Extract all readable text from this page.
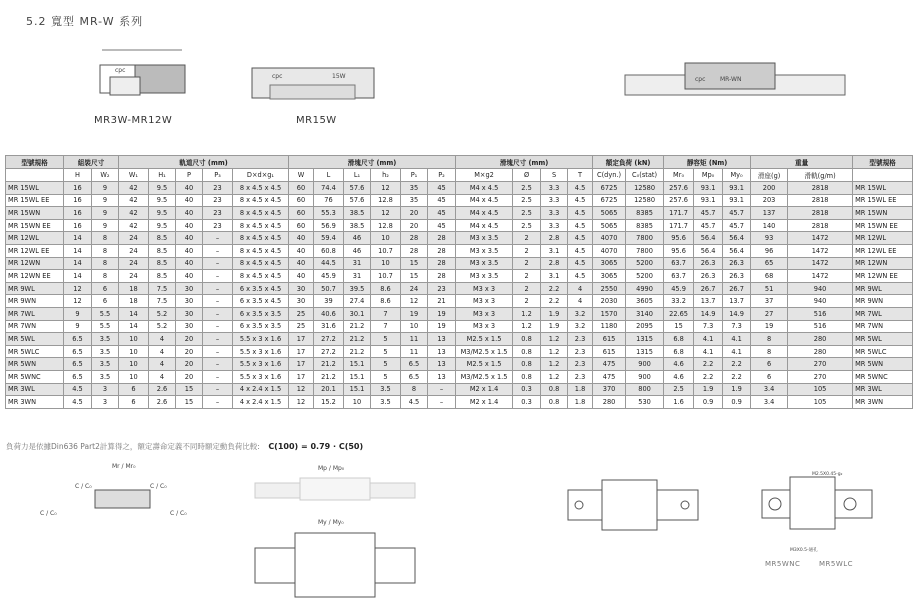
5.2 寬型 MR-W 系列
cpc
MR3W-MR12W
cpc	15W
MR15W
cpc MR-WN
型號規格	組裝尺寸		軌道尺寸 (mm)					滑塊尺寸 (mm)						滑塊尺寸 (mm)				額定負荷 (kN)		靜容矩 (Nm)			重量		型號規格
	H	W₂	W₁	H₁	P	P₃	D×d×g₁	W	L	L₁	h₂	P₁	P₂	M×g2	Ø	S	T	C(dyn.)	C₀(stat)	Mr₀	Mp₀	My₀	滑座(g)	滑軌(g/m)	
MR 15WL	16	9	42	9.5	40	23	8 x 4.5 x 4.5	60	74.4	57.6	12	35	45	M4 x 4.5	2.5	3.3	4.5	6725	12580	257.6	93.1	93.1	200	2818	MR 15WL
MR 15WL EE	16	9	42	9.5	40	23	8 x 4.5 x 4.5	60	76	57.6	12.8	35	45	M4 x 4.5	2.5	3.3	4.5	6725	12580	257.6	93.1	93.1	203	2818	MR 15WL EE
MR 15WN	16	9	42	9.5	40	23	8 x 4.5 x 4.5	60	55.3	38.5	12	20	45	M4 x 4.5	2.5	3.3	4.5	5065	8385	171.7	45.7	45.7	137	2818	MR 15WN
MR 15WN EE	16	9	42	9.5	40	23	8 x 4.5 x 4.5	60	56.9	38.5	12.8	20	45	M4 x 4.5	2.5	3.3	4.5	5065	8385	171.7	45.7	45.7	140	2818	MR 15WN EE
MR 12WL	14	8	24	8.5	40	–	8 x 4.5 x 4.5	40	59.4	46	10	28	28	M3 x 3.5	2	2.8	4.5	4070	7800	95.6	56.4	56.4	93	1472	MR 12WL
MR 12WL EE	14	8	24	8.5	40	–	8 x 4.5 x 4.5	40	60.8	46	10.7	28	28	M3 x 3.5	2	3.1	4.5	4070	7800	95.6	56.4	56.4	96	1472	MR 12WL EE
MR 12WN	14	8	24	8.5	40	–	8 x 4.5 x 4.5	40	44.5	31	10	15	28	M3 x 3.5	2	2.8	4.5	3065	5200	63.7	26.3	26.3	65	1472	MR 12WN
MR 12WN EE	14	8	24	8.5	40	–	8 x 4.5 x 4.5	40	45.9	31	10.7	15	28	M3 x 3.5	2	3.1	4.5	3065	5200	63.7	26.3	26.3	68	1472	MR 12WN EE
MR 9WL	12	6	18	7.5	30	–	6 x 3.5 x 4.5	30	50.7	39.5	8.6	24	23	M3 x 3	2	2.2	4	2550	4990	45.9	26.7	26.7	51	940	MR 9WL
MR 9WN	12	6	18	7.5	30	–	6 x 3.5 x 4.5	30	39	27.4	8.6	12	21	M3 x 3	2	2.2	4	2030	3605	33.2	13.7	13.7	37	940	MR 9WN
MR 7WL	9	5.5	14	5.2	30	–	6 x 3.5 x 3.5	25	40.6	30.1	7	19	19	M3 x 3	1.2	1.9	3.2	1570	3140	22.65	14.9	14.9	27	516	MR 7WL
MR 7WN	9	5.5	14	5.2	30	–	6 x 3.5 x 3.5	25	31.6	21.2	7	10	19	M3 x 3	1.2	1.9	3.2	1180	2095	15	7.3	7.3	19	516	MR 7WN
MR 5WL	6.5	3.5	10	4	20	–	5.5 x 3 x 1.6	17	27.2	21.2	5	11	13	M2.5 x 1.5	0.8	1.2	2.3	615	1315	6.8	4.1	4.1	8	280	MR 5WL
MR 5WLC	6.5	3.5	10	4	20	–	5.5 x 3 x 1.6	17	27.2	21.2	5	11	13	M3/M2.5 x 1.5	0.8	1.2	2.3	615	1315	6.8	4.1	4.1	8	280	MR 5WLC
MR 5WN	6.5	3.5	10	4	20	–	5.5 x 3 x 1.6	17	21.2	15.1	5	6.5	13	M2.5 x 1.5	0.8	1.2	2.3	475	900	4.6	2.2	2.2	6	270	MR 5WN
MR 5WNC	6.5	3.5	10	4	20	–	5.5 x 3 x 1.6	17	21.2	15.1	5	6.5	13	M3/M2.5 x 1.5	0.8	1.2	2.3	475	900	4.6	2.2	2.2	6	270	MR 5WNC
MR 3WL	4.5	3	6	2.6	15	–	4 x 2.4 x 1.5	12	20.1	15.1	3.5	8	–	M2 x 1.4	0.3	0.8	1.8	370	800	2.5	1.9	1.9	3.4	105	MR 3WL
MR 3WN	4.5	3	6	2.6	15	–	4 x 2.4 x 1.5	12	15.2	10	3.5	4.5	–	M2 x 1.4	0.3	0.8	1.8	280	530	1.6	0.9	0.9	3.4	105	MR 3WN
負荷力是依據Din636 Part2計算得之，額定壽命定義不同時額定動負荷比較: C(100) = 0.79 · C(50)
Mr / Mr₀
C / C₀	C / C₀
C / C₀	C / C₀
Mp / Mp₀
My / My₀
M2.5X0.45-g₂
M3X0.5-通孔
MR5WNC	MR5WLC
